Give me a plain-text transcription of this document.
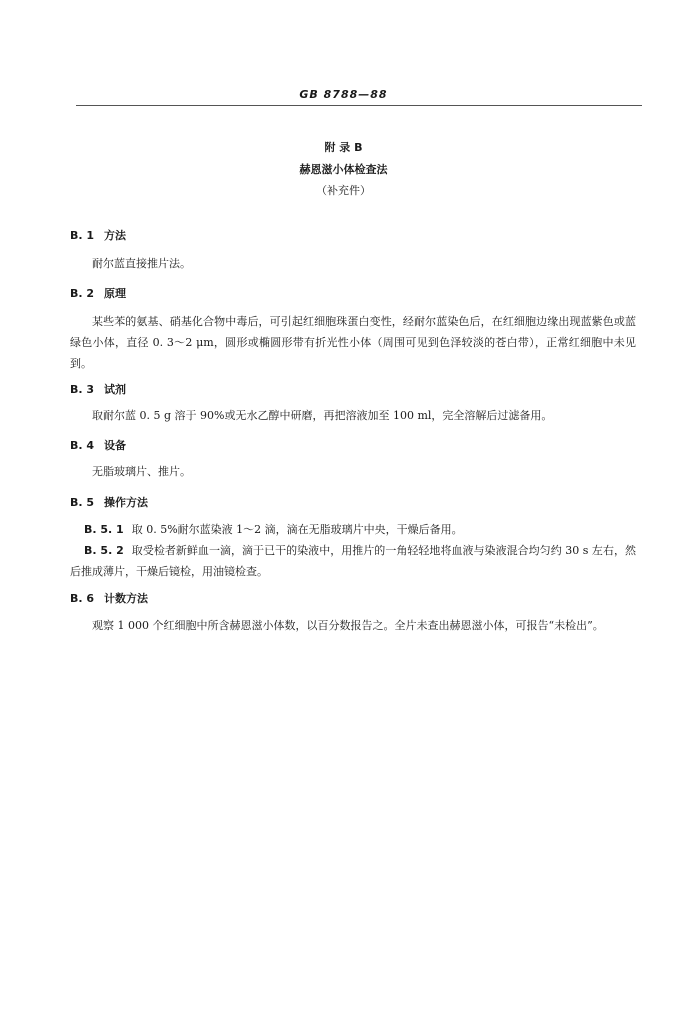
GB 8788—88
附 录 B
赫恩滋小体检查法
（补充件）
B. 1 方法

耐尔蓝直接推片法。

B. 2 原理

某些苯的氨基、硝基化合物中毒后，可引起红细胞珠蛋白变性，经耐尔蓝染色后，在红细胞边缘出现蓝紫色或蓝绿色小体，直径 0. 3～2 μm，圆形或椭圆形带有折光性小体（周围可见到色泽较淡的苍白带），正常红细胞中未见到。

B. 3 试剂

取耐尔蓝 0. 5 g 溶于 90%或无水乙醇中研磨，再把溶液加至 100 ml，完全溶解后过滤备用。

B. 4 设备

无脂玻璃片、推片。

B. 5 操作方法

B. 5. 1 取 0. 5%耐尔蓝染液 1～2 滴，滴在无脂玻璃片中央，干燥后备用。

B. 5. 2 取受检者新鲜血一滴，滴于已干的染液中，用推片的一角轻轻地将血液与染液混合均匀约 30 s 左右，然后推成薄片，干燥后镜检，用油镜检查。

B. 6 计数方法

观察 1 000 个红细胞中所含赫恩滋小体数，以百分数报告之。全片未查出赫恩滋小体，可报告“未检出”。
